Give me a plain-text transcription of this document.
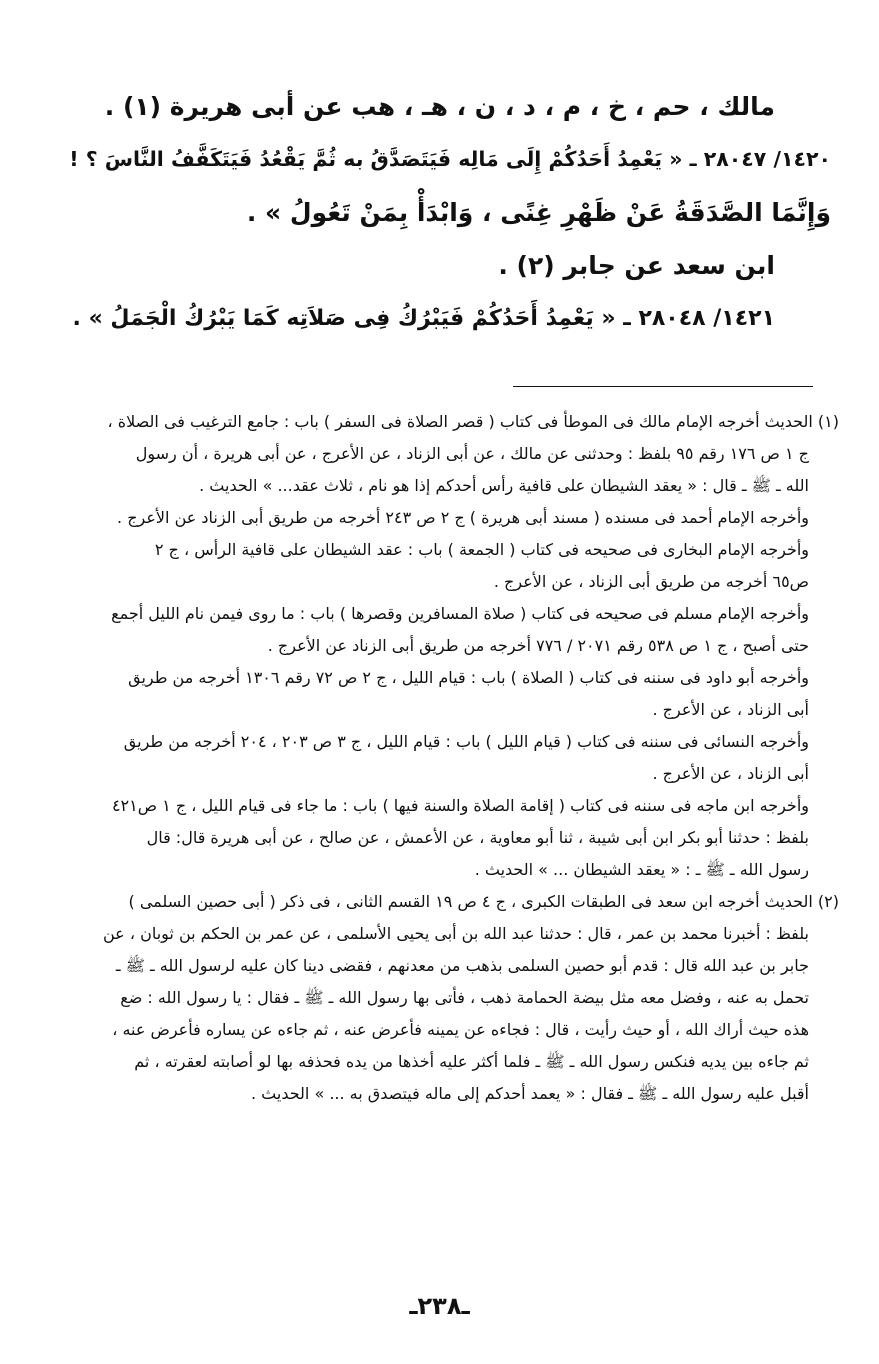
مالك ، حم ، خ ، م ، د ، ن ، هـ ، هب عن أبى هريرة (١) .
١٤٢٠/ ٢٨٠٤٧ ـ « يَعْمِدُ أَحَدُكُمْ إِلَى مَالِه فَيَتَصَدَّقُ به ثُمَّ يَقْعُدُ فَيَتَكَفَّفُ النَّاسَ ؟ !
وَإِنَّمَا الصَّدَقَةُ عَنْ ظَهْرِ غِنًى ، وَابْدَأْ بِمَنْ تَعُولُ » .
ابن سعد عن جابر (٢) .
١٤٢١/ ٢٨٠٤٨ ـ « يَعْمِدُ أَحَدُكُمْ فَيَبْرُكُ فِى صَلاَتِه كَمَا يَبْرُكُ الْجَمَلُ » .
(١) الحديث أخرجه الإمام مالك فى الموطأ فى كتاب ( قصر الصلاة فى السفر ) باب : جامع الترغيب فى الصلاة ،
ج ١ ص ١٧٦ رقم ٩٥ بلفظ : وحدثنى عن مالك ، عن أبى الزناد ، عن الأعرج ، عن أبى هريرة ، أن رسول
الله ـ ﷺ ـ قال : « يعقد الشيطان على قافية رأس أحدكم إذا هو نام ، ثلاث عقد... » الحديث .
وأخرجه الإمام أحمد فى مسنده ( مسند أبى هريرة ) ج ٢ ص ٢٤٣ أخرجه من طريق أبى الزناد عن الأعرج .
وأخرجه الإمام البخارى فى صحيحه فى كتاب ( الجمعة ) باب : عقد الشيطان على قافية الرأس ، ج ٢
ص٦٥ أخرجه من طريق أبى الزناد ، عن الأعرج .
وأخرجه الإمام مسلم فى صحيحه فى كتاب ( صلاة المسافرين وقصرها ) باب : ما روى فيمن نام الليل أجمع
حتى أصبح ، ج ١ ص ٥٣٨ رقم ٢٠٧١ / ٧٧٦ أخرجه من طريق أبى الزناد عن الأعرج .
وأخرجه أبو داود فى سننه فى كتاب ( الصلاة ) باب : قيام الليل ، ج ٢ ص ٧٢ رقم ١٣٠٦ أخرجه من طريق
أبى الزناد ، عن الأعرج .
وأخرجه النسائى فى سننه فى كتاب ( قيام الليل ) باب : قيام الليل ، ج ٣ ص ٢٠٣ ، ٢٠٤ أخرجه من طريق
أبى الزناد ، عن الأعرج .
وأخرجه ابن ماجه فى سننه فى كتاب ( إقامة الصلاة والسنة فيها ) باب : ما جاء فى قيام الليل ، ج ١ ص٤٢١
بلفظ : حدثنا أبو بكر ابن أبى شيبة ، ثنا أبو معاوية ، عن الأعمش ، عن صالح ، عن أبى هريرة قال: قال
رسول الله ـ ﷺ ـ : « يعقد الشيطان ... » الحديث .
(٢) الحديث أخرجه ابن سعد فى الطبقات الكبرى ، ج ٤ ص ١٩ القسم الثانى ، فى ذكر ( أبى حصين السلمى )
بلفظ : أخبرنا محمد بن عمر ، قال : حدثنا عبد الله بن أبى يحيى الأسلمى ، عن عمر بن الحكم بن ثوبان ، عن
جابر بن عبد الله قال : قدم أبو حصين السلمى بذهب من معدنهم ، فقضى دينا كان عليه لرسول الله ـ ﷺ ـ
تحمل به عنه ، وفضل معه مثل بيضة الحمامة ذهب ، فأتى بها رسول الله ـ ﷺ ـ فقال : يا رسول الله : ضع
هذه حيث أراك الله ، أو حيث رأيت ، قال : فجاءه عن يمينه فأعرض عنه ، ثم جاءه عن يساره فأعرض عنه ،
ثم جاءه بين يديه فنكس رسول الله ـ ﷺ ـ فلما أكثر عليه أخذها من يده فحذفه بها لو أصابته لعقرته ، ثم
أقبل عليه رسول الله ـ ﷺ ـ فقال : « يعمد أحدكم إلى ماله فيتصدق به ... » الحديث .
ـ٢٣٨ـ
